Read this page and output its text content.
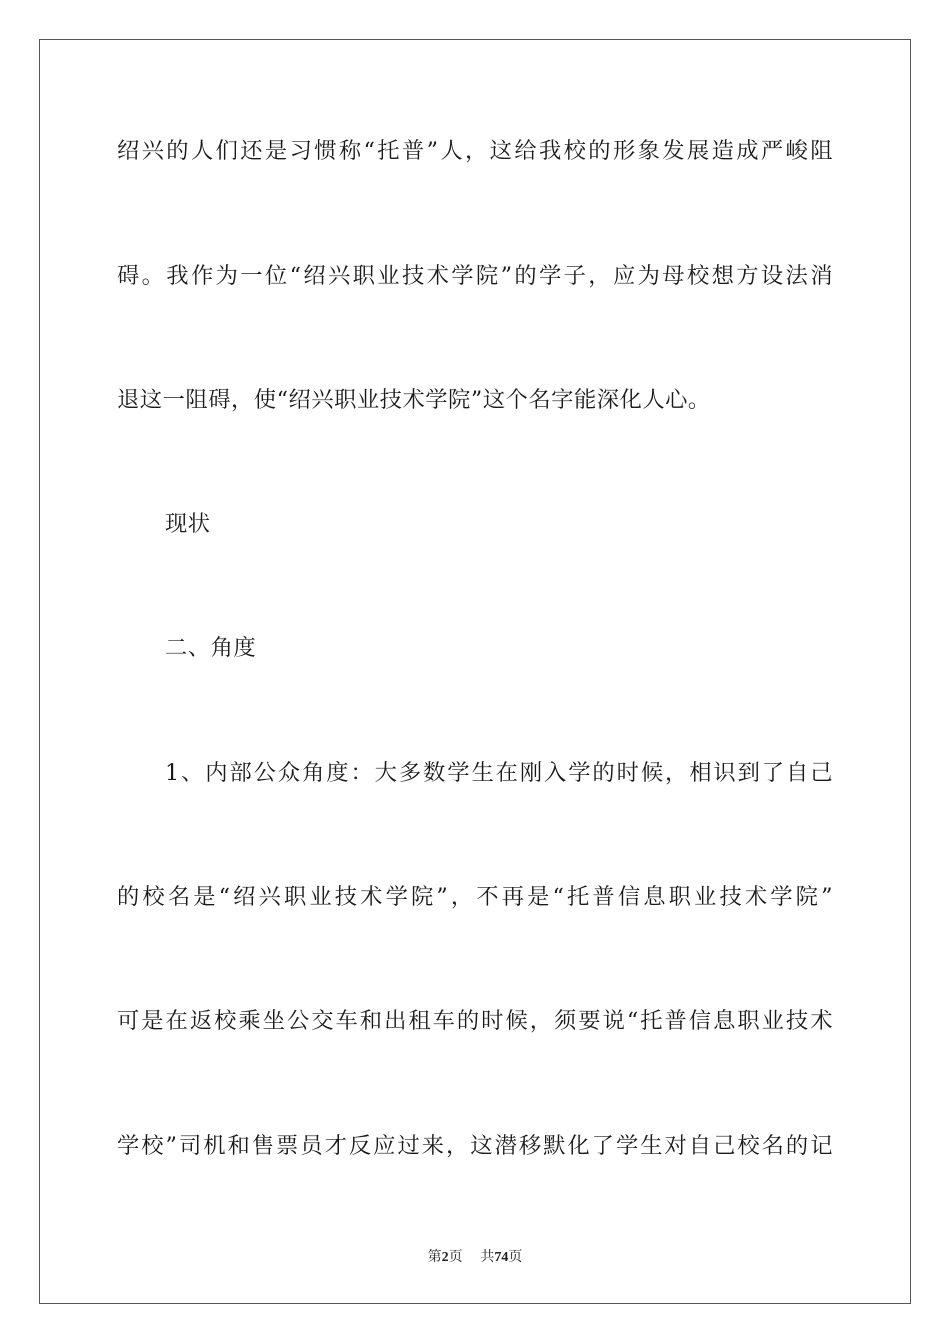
绍兴的人们还是习惯称“托普”人，这给我校的形象发展造成严峻阻
碍。我作为一位“绍兴职业技术学院”的学子，应为母校想方设法消
退这一阻碍，使“绍兴职业技术学院”这个名字能深化人心。
现状
二、角度
1、内部公众角度：大多数学生在刚入学的时候，相识到了自己
的校名是“绍兴职业技术学院”，不再是“托普信息职业技术学院”
可是在返校乘坐公交车和出租车的时候，须要说“托普信息职业技术
学校”司机和售票员才反应过来，这潜移默化了学生对自己校名的记
第2页 共74页
